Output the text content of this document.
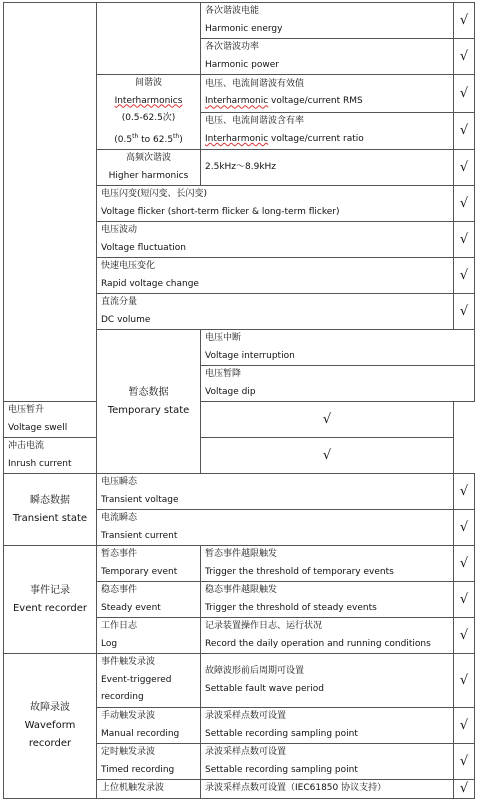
		各次谐波电能
Harmonic energy	√	

		各次谐波功率
Harmonic power	√	

	间谐波
Interharmonics
(0.5-62.5次)
(0.5th to 62.5th)	电压、电流间谐波有效值
Interharmonic voltage/current RMS	√	

		电压、电流间谐波含有率
Interharmonic voltage/current ratio	√	

	高频次谐波
Higher harmonics	2.5kHz～8.9kHz	√	

	电压闪变(短闪变、长闪变)
Voltage flicker (short-term flicker & long-term flicker)		√	

	电压波动
Voltage fluctuation		√	

	快速电压变化
Rapid voltage change		√	

	直流分量
DC volume		√	

	暂态数据
Temporary state	电压中断
Voltage interruption

		电压暂降
Voltage dip

电压暂升
Voltage swell		√		

冲击电流
Inrush current		√		

瞬态数据
Transient state	电压瞬态
Transient voltage		√	

	电流瞬态
Transient current		√	

事件记录
Event recorder	暂态事件
Temporary event	暂态事件越限触发
Trigger the threshold of temporary events	√	

	稳态事件
Steady event	稳态事件越限触发
Trigger the threshold of steady events	√	

	工作日志
Log	记录装置操作日志、运行状况
Record the daily operation and running conditions	√	

故障录波
Waveform
recorder	事件触发录波
Event-triggered
recording	故障波形前后周期可设置
Settable fault wave period	√	

	手动触发录波
Manual recording	录波采样点数可设置
Settable recording sampling point	√	

	定时触发录波
Timed recording	录波采样点数可设置
Settable recording sampling point	√	
	上位机触发录波	录波采样点数可设置（IEC61850 协议支持）	√	
